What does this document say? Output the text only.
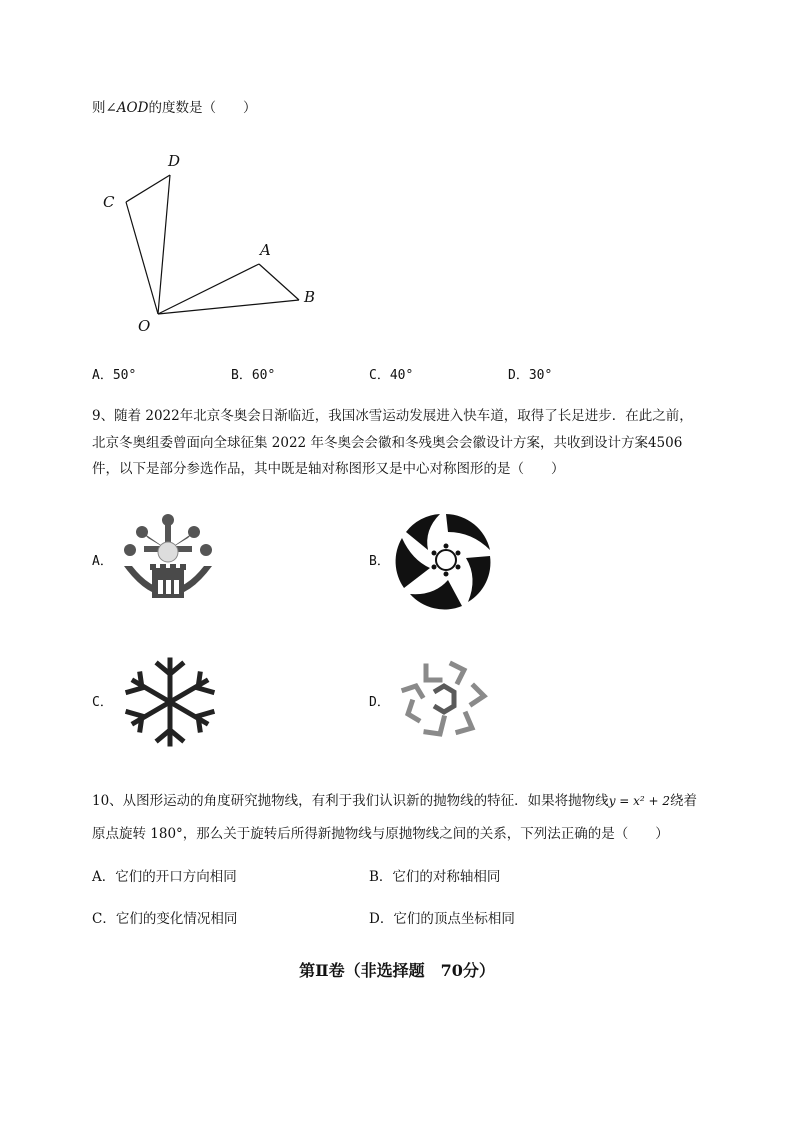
则∠AOD的度数是（　　）
D
C
A
B
O
A．50°	B．60°	C．40°	D．30°
9、随着 2022年北京冬奥会日渐临近，我国冰雪运动发展进入快车道，取得了长足进步．在此之前，
北京冬奥组委曾面向全球征集 2022 年冬奥会会徽和冬残奥会会徽设计方案，共收到设计方案4506
件，以下是部分参选作品，其中既是轴对称图形又是中心对称图形的是（　　）
A．	B．
C．	D．
10、从图形运动的角度研究抛物线，有利于我们认识新的抛物线的特征．如果将抛物线y = x² + 2绕着
原点旋转 180°，那么关于旋转后所得新抛物线与原抛物线之间的关系，下列法正确的是（　　）
A．它们的开口方向相同	B．它们的对称轴相同
C．它们的变化情况相同	D．它们的顶点坐标相同
第Ⅱ卷（非选择题　70分）
